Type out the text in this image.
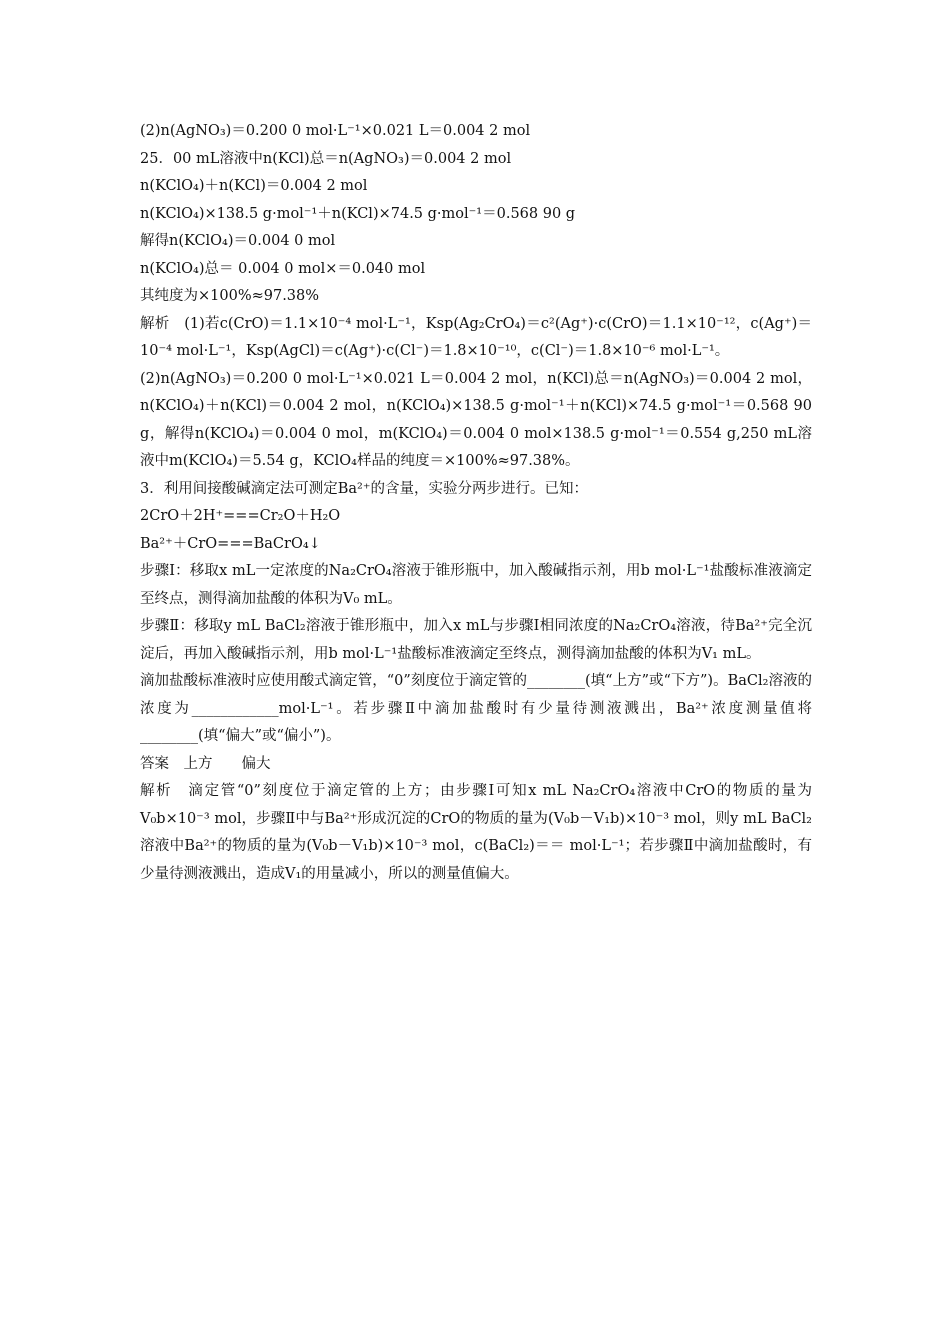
(2)n(AgNO₃)＝0.200 0 mol·L⁻¹×0.021 L＝0.004 2 mol

25．00 mL溶液中n(KCl)总＝n(AgNO₃)＝0.004 2 mol

n(KClO₄)＋n(KCl)＝0.004 2 mol

n(KClO₄)×138.5 g·mol⁻¹＋n(KCl)×74.5 g·mol⁻¹＝0.568 90 g

解得n(KClO₄)＝0.004 0 mol

n(KClO₄)总＝ 0.004 0 mol×＝0.040 mol

其纯度为×100%≈97.38%

解析　(1)若c(CrO)＝1.1×10⁻⁴ mol·L⁻¹，Ksp(Ag₂CrO₄)＝c²(Ag⁺)·c(CrO)＝1.1×10⁻¹²，c(Ag⁺)＝10⁻⁴ mol·L⁻¹，Ksp(AgCl)＝c(Ag⁺)·c(Cl⁻)＝1.8×10⁻¹⁰，c(Cl⁻)＝1.8×10⁻⁶ mol·L⁻¹。

(2)n(AgNO₃)＝0.200 0 mol·L⁻¹×0.021 L＝0.004 2 mol，n(KCl)总＝n(AgNO₃)＝0.004 2 mol，n(KClO₄)＋n(KCl)＝0.004 2 mol，n(KClO₄)×138.5 g·mol⁻¹＋n(KCl)×74.5 g·mol⁻¹＝0.568 90 g，解得n(KClO₄)＝0.004 0 mol，m(KClO₄)＝0.004 0 mol×138.5 g·mol⁻¹＝0.554 g,250 mL溶液中m(KClO₄)＝5.54 g，KClO₄样品的纯度＝×100%≈97.38%。

3．利用间接酸碱滴定法可测定Ba²⁺的含量，实验分两步进行。已知：

2CrO＋2H⁺===Cr₂O＋H₂O

Ba²⁺＋CrO===BaCrO₄↓

步骤Ⅰ：移取x mL一定浓度的Na₂CrO₄溶液于锥形瓶中，加入酸碱指示剂，用b mol·L⁻¹盐酸标准液滴定至终点，测得滴加盐酸的体积为V₀ mL。

步骤Ⅱ：移取y mL BaCl₂溶液于锥形瓶中，加入x mL与步骤Ⅰ相同浓度的Na₂CrO₄溶液，待Ba²⁺完全沉淀后，再加入酸碱指示剂，用b mol·L⁻¹盐酸标准液滴定至终点，测得滴加盐酸的体积为V₁ mL。

滴加盐酸标准液时应使用酸式滴定管，“0”刻度位于滴定管的________(填“上方”或“下方”)。BaCl₂溶液的浓度为____________mol·L⁻¹。若步骤Ⅱ中滴加盐酸时有少量待测液溅出，Ba²⁺浓度测量值将________(填“偏大”或“偏小”)。

答案　上方　　偏大

解析　滴定管“0”刻度位于滴定管的上方；由步骤Ⅰ可知x mL Na₂CrO₄溶液中CrO的物质的量为V₀b×10⁻³ mol，步骤Ⅱ中与Ba²⁺形成沉淀的CrO的物质的量为(V₀b－V₁b)×10⁻³ mol，则y mL BaCl₂溶液中Ba²⁺的物质的量为(V₀b－V₁b)×10⁻³ mol，c(BaCl₂)＝＝ mol·L⁻¹；若步骤Ⅱ中滴加盐酸时，有少量待测液溅出，造成V₁的用量减小，所以的测量值偏大。
